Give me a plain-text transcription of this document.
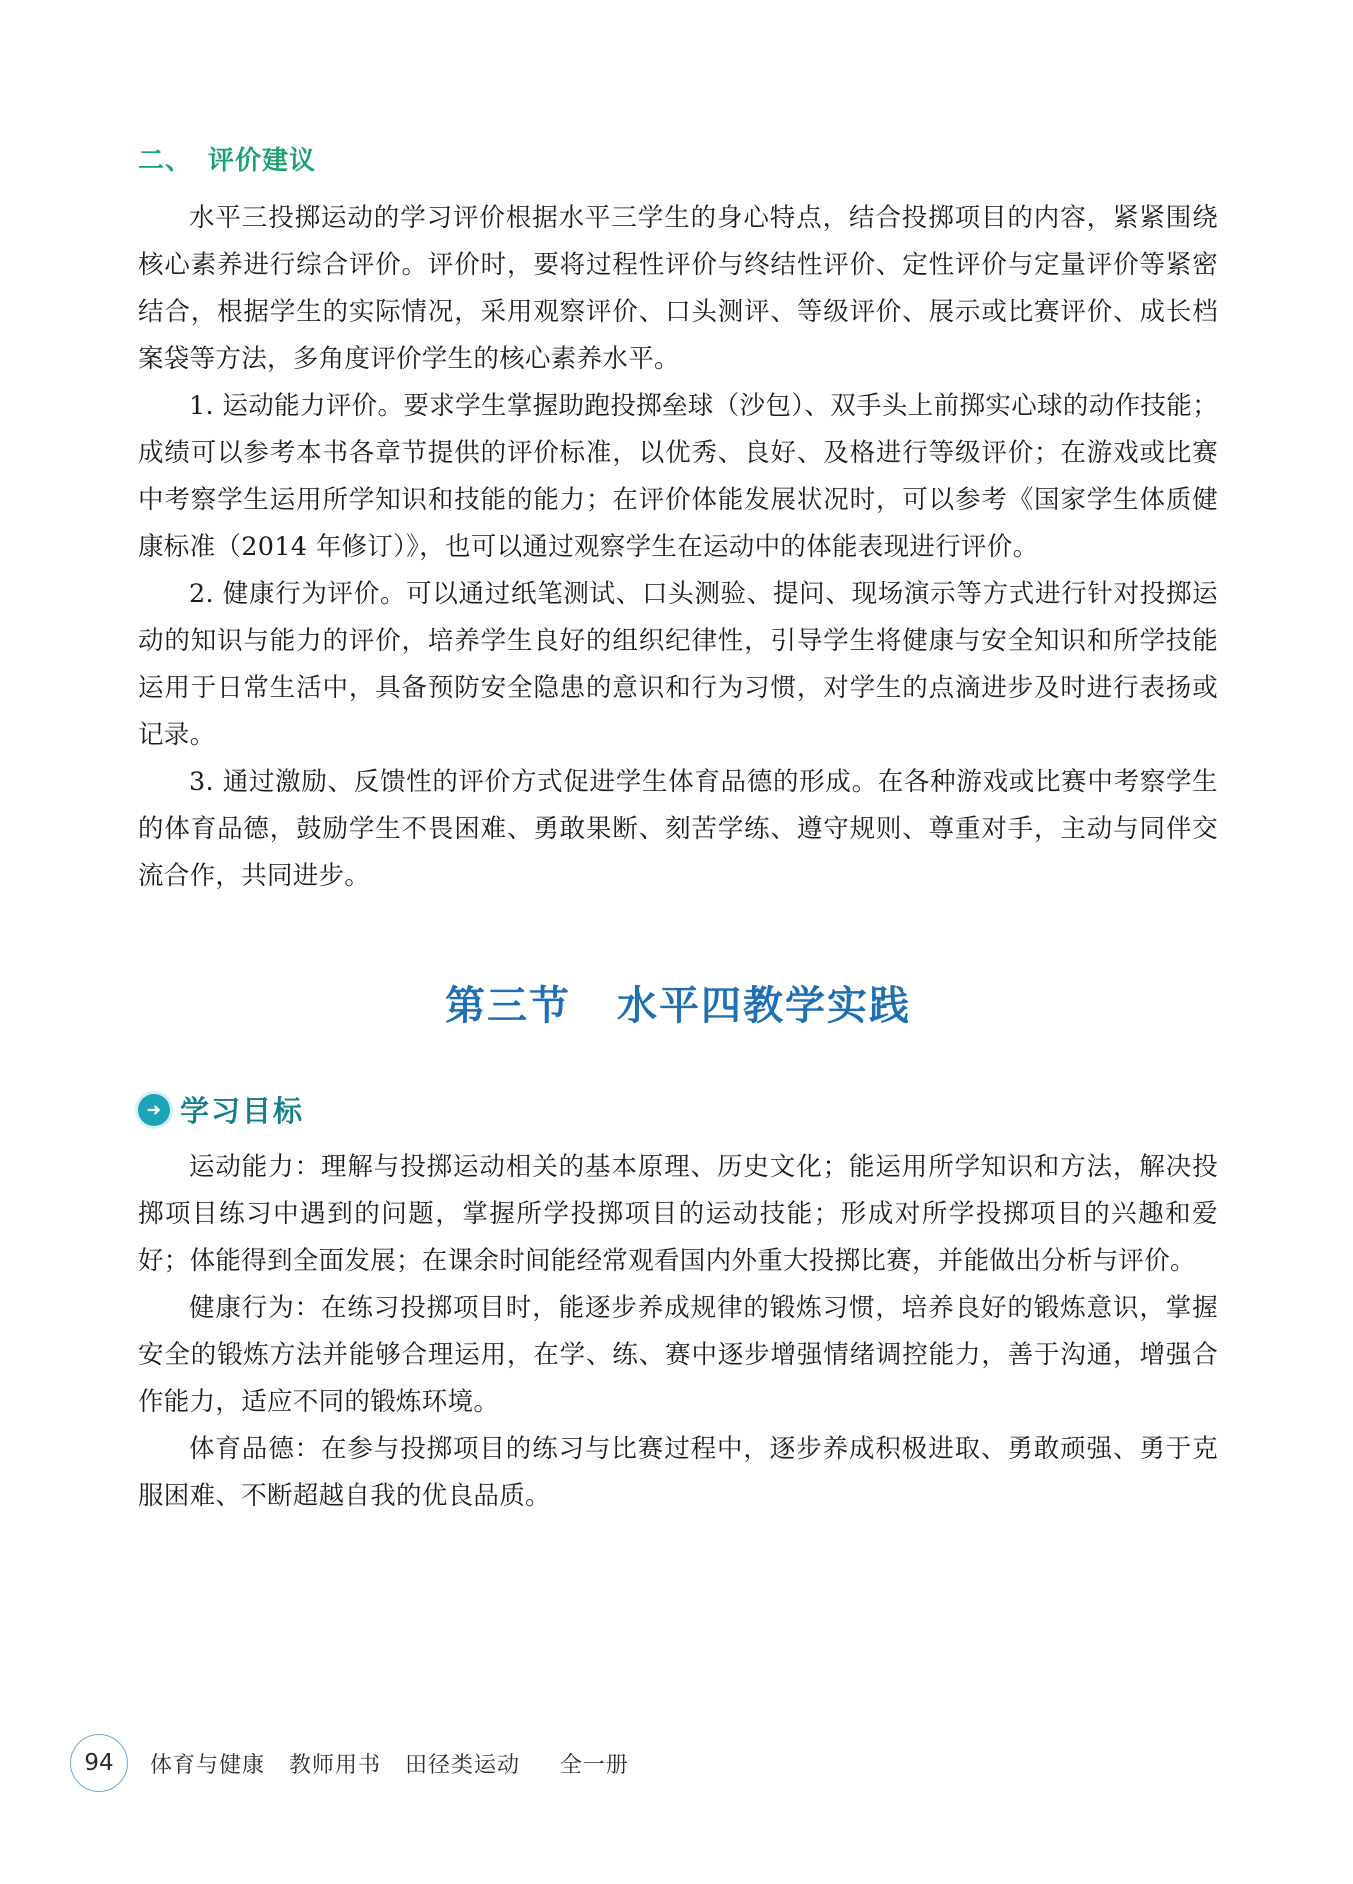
二、 评价建议

水平三投掷运动的学习评价根据水平三学生的身心特点，结合投掷项目的内容，紧紧围绕核心素养进行综合评价。评价时，要将过程性评价与终结性评价、定性评价与定量评价等紧密结合，根据学生的实际情况，采用观察评价、口头测评、等级评价、展示或比赛评价、成长档案袋等方法，多角度评价学生的核心素养水平。

1. 运动能力评价。要求学生掌握助跑投掷垒球（沙包）、双手头上前掷实心球的动作技能；成绩可以参考本书各章节提供的评价标准，以优秀、良好、及格进行等级评价；在游戏或比赛中考察学生运用所学知识和技能的能力；在评价体能发展状况时，可以参考《国家学生体质健康标准（2014 年修订）》，也可以通过观察学生在运动中的体能表现进行评价。

2. 健康行为评价。可以通过纸笔测试、口头测验、提问、现场演示等方式进行针对投掷运动的知识与能力的评价，培养学生良好的组织纪律性，引导学生将健康与安全知识和所学技能运用于日常生活中，具备预防安全隐患的意识和行为习惯，对学生的点滴进步及时进行表扬或记录。

3. 通过激励、反馈性的评价方式促进学生体育品德的形成。在各种游戏或比赛中考察学生的体育品德，鼓励学生不畏困难、勇敢果断、刻苦学练、遵守规则、尊重对手，主动与同伴交流合作，共同进步。

第三节 水平四教学实践
学习目标

运动能力：理解与投掷运动相关的基本原理、历史文化；能运用所学知识和方法，解决投掷项目练习中遇到的问题，掌握所学投掷项目的运动技能；形成对所学投掷项目的兴趣和爱好；体能得到全面发展；在课余时间能经常观看国内外重大投掷比赛，并能做出分析与评价。

健康行为：在练习投掷项目时，能逐步养成规律的锻炼习惯，培养良好的锻炼意识，掌握安全的锻炼方法并能够合理运用，在学、练、赛中逐步增强情绪调控能力，善于沟通，增强合作能力，适应不同的锻炼环境。

体育品德：在参与投掷项目的练习与比赛过程中，逐步养成积极进取、勇敢顽强、勇于克服困难、不断超越自我的优良品质。

94	体育与健康   教师用书   田径类运动     全一册
